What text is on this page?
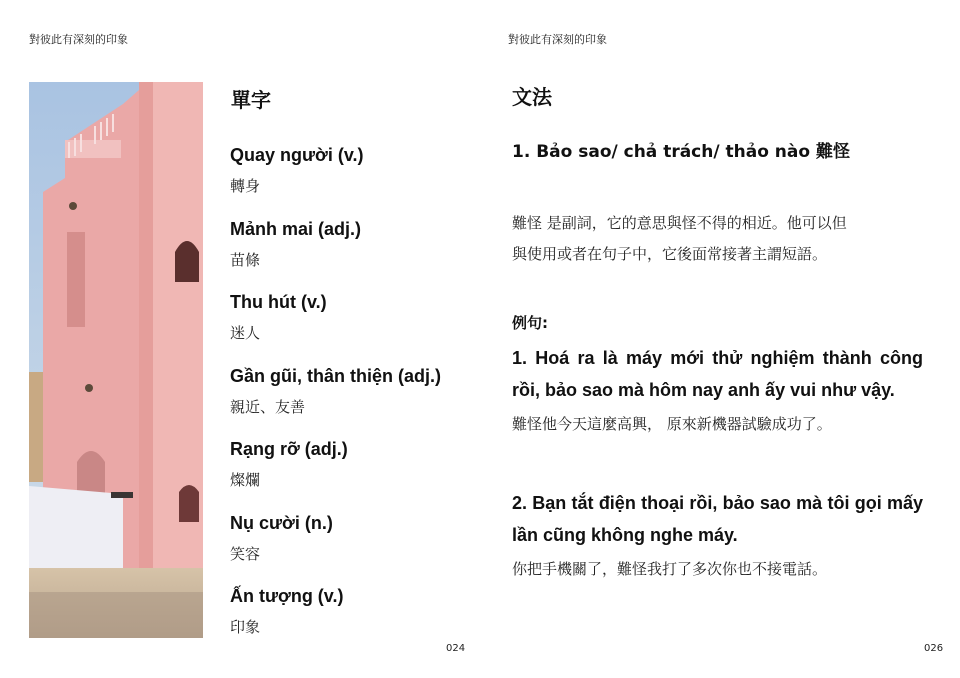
對彼此有深刻的印象
單字
Quay người (v.)
轉身
Mảnh mai (adj.)
苗條
Thu hút (v.)
迷人
Gần gũi, thân thiện (adj.)
親近、友善
Rạng rỡ (adj.)
燦爛
Nụ cười (n.)
笑容
Ấn tượng (v.)
印象
024
對彼此有深刻的印象
文法
1. Bảo sao/ chả trách/ thảo nào 難怪
難怪 是副詞，它的意思與怪不得的相近。他可以但
與使用或者在句子中，它後面常接著主謂短語。
例句:
1. Hoá ra là máy mới thử nghiệm thành công rồi, bảo sao mà hôm nay anh ấy vui như vậy.
難怪他今天這麼高興， 原來新機器試驗成功了。
2. Bạn tắt điện thoại rồi, bảo sao mà tôi gọi mấy lần cũng không nghe máy.
你把手機關了，難怪我打了多次你也不接電話。
026
